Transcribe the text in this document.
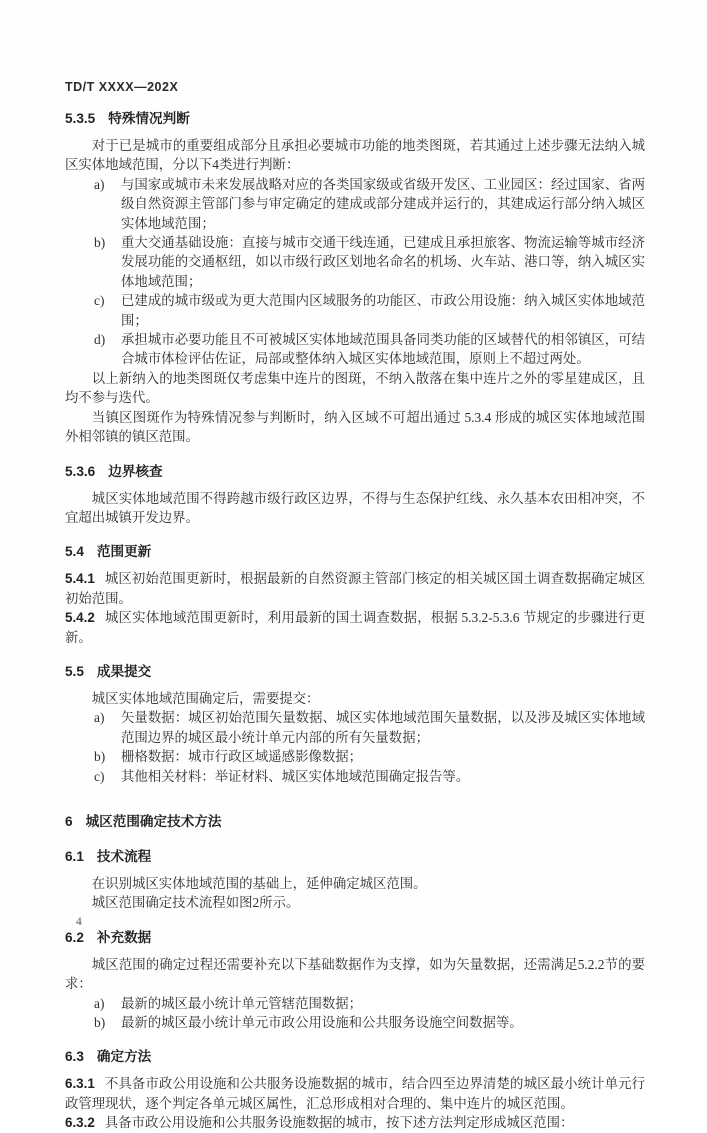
TD/T XXXX—202X
5.3.5 特殊情况判断

对于已是城市的重要组成部分且承担必要城市功能的地类图斑，若其通过上述步骤无法纳入城区实体地域范围，分以下4类进行判断：

a) 与国家或城市未来发展战略对应的各类国家级或省级开发区、工业园区：经过国家、省两级自然资源主管部门参与审定确定的建成或部分建成并运行的，其建成运行部分纳入城区实体地域范围；
b) 重大交通基础设施：直接与城市交通干线连通，已建成且承担旅客、物流运输等城市经济发展功能的交通枢纽，如以市级行政区划地名命名的机场、火车站、港口等，纳入城区实体地域范围；
c) 已建成的城市级或为更大范围内区域服务的功能区、市政公用设施：纳入城区实体地域范围；
d) 承担城市必要功能且不可被城区实体地域范围具备同类功能的区域替代的相邻镇区，可结合城市体检评估佐证，局部或整体纳入城区实体地域范围，原则上不超过两处。

以上新纳入的地类图斑仅考虑集中连片的图斑，不纳入散落在集中连片之外的零星建成区，且均不参与迭代。

当镇区图斑作为特殊情况参与判断时，纳入区域不可超出通过 5.3.4 形成的城区实体地域范围外相邻镇的镇区范围。

5.3.6 边界核查

城区实体地域范围不得跨越市级行政区边界，不得与生态保护红线、永久基本农田相冲突，不宜超出城镇开发边界。

5.4 范围更新

5.4.1 城区初始范围更新时，根据最新的自然资源主管部门核定的相关城区国土调查数据确定城区初始范围。

5.4.2 城区实体地域范围更新时，利用最新的国土调查数据，根据 5.3.2-5.3.6 节规定的步骤进行更新。

5.5 成果提交

城区实体地域范围确定后，需要提交：

a) 矢量数据：城区初始范围矢量数据、城区实体地域范围矢量数据，以及涉及城区实体地域范围边界的城区最小统计单元内部的所有矢量数据；
b) 栅格数据：城市行政区域遥感影像数据；
c) 其他相关材料：举证材料、城区实体地域范围确定报告等。
6 城区范围确定技术方法
6.1 技术流程

在识别城区实体地域范围的基础上，延伸确定城区范围。

城区范围确定技术流程如图2所示。

6.2 补充数据

城区范围的确定过程还需要补充以下基础数据作为支撑，如为矢量数据，还需满足5.2.2节的要求：

a) 最新的城区最小统计单元管辖范围数据；
b) 最新的城区最小统计单元市政公用设施和公共服务设施空间数据等。
6.3 确定方法

6.3.1 不具备市政公用设施和公共服务设施数据的城市，结合四至边界清楚的城区最小统计单元行政管理现状，逐个判定各单元城区属性，汇总形成相对合理的、集中连片的城区范围。

6.3.2 具备市政公用设施和公共服务设施数据的城市，按下述方法判定形成城区范围：

4
